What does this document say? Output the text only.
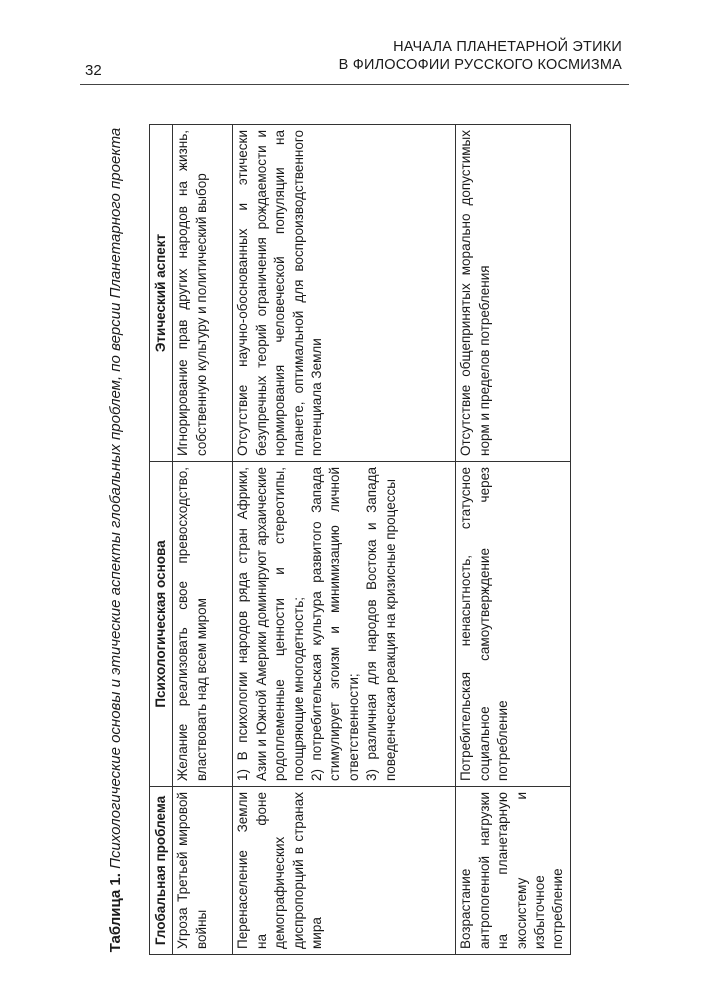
32
НАЧАЛА ПЛАНЕТАРНОЙ ЭТИКИ
В ФИЛОСОФИИ РУССКОГО КОСМИЗМА
Таблица 1. Психологические основы и этические аспекты глобальных проблем, по версии Планетарного проекта
Глобальная проблема	Психологическая основа	Этический аспект
Угроза Третьей мировой войны	Желание реализовать свое превосходство, властвовать над всем миром	Игнорирование прав других народов на жизнь, собственную культуру и политический выбор
Перенаселение Земли на фоне демографических диспропорций в странах мира	1) В психологии народов ряда стран Африки, Азии и Южной Америки доминируют архаические родоплеменные ценности и стереотипы, поощряющие многодетность; 2) потребительская культура развитого Запада стимулирует эгоизм и минимизацию личной ответственности; 3) различная для народов Востока и Запада поведенческая реакция на кризисные процессы	Отсутствие научно-обоснованных и этически безупречных теорий ограничения рождаемости и нормирования человеческой популяции на планете, оптимальной для воспроизводственного потенциала Земли
Возрастание антропогенной нагрузки на планетарную экосистему и избыточное потребление	Потребительская ненасытность, статусное социальное самоутверждение через потребление	Отсутствие общепринятых морально допустимых норм и пределов потребления
